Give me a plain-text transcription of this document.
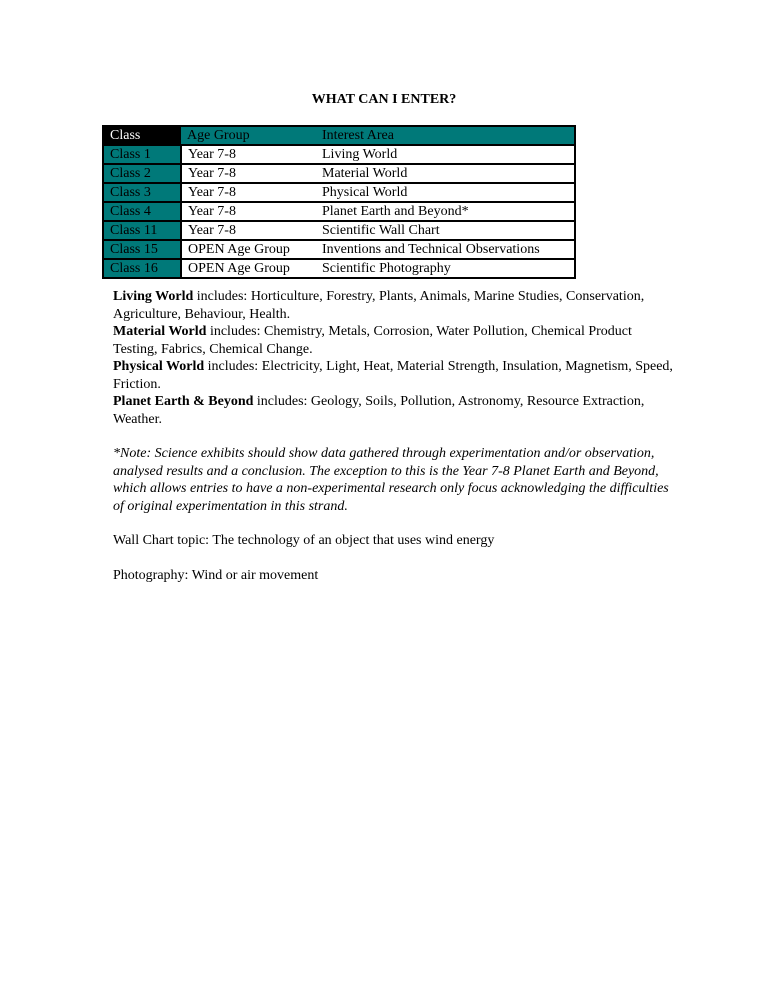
WHAT CAN I ENTER?
Class	Age Group	Interest Area
Class 1	Year 7-8	Living World
Class 2	Year 7-8	Material World
Class 3	Year 7-8	Physical World
Class 4	Year 7-8	Planet Earth and Beyond*
Class 11	Year 7-8	Scientific Wall Chart
Class 15	OPEN Age Group	Inventions and Technical Observations
Class 16	OPEN Age Group	Scientific Photography

Living World includes: Horticulture, Forestry, Plants, Animals, Marine Studies, Conservation, Agriculture, Behaviour, Health.

Material World includes: Chemistry, Metals, Corrosion, Water Pollution, Chemical Product Testing, Fabrics, Chemical Change.

Physical World includes: Electricity, Light, Heat, Material Strength, Insulation, Magnetism, Speed, Friction.

Planet Earth & Beyond includes: Geology, Soils, Pollution, Astronomy, Resource Extraction, Weather.

*Note: Science exhibits should show data gathered through experimentation and/or observation, analysed results and a conclusion. The exception to this is the Year 7-8 Planet Earth and Beyond, which allows entries to have a non-experimental research only focus acknowledging the difficulties of original experimentation in this strand.

Wall Chart topic: The technology of an object that uses wind energy

Photography: Wind or air movement
